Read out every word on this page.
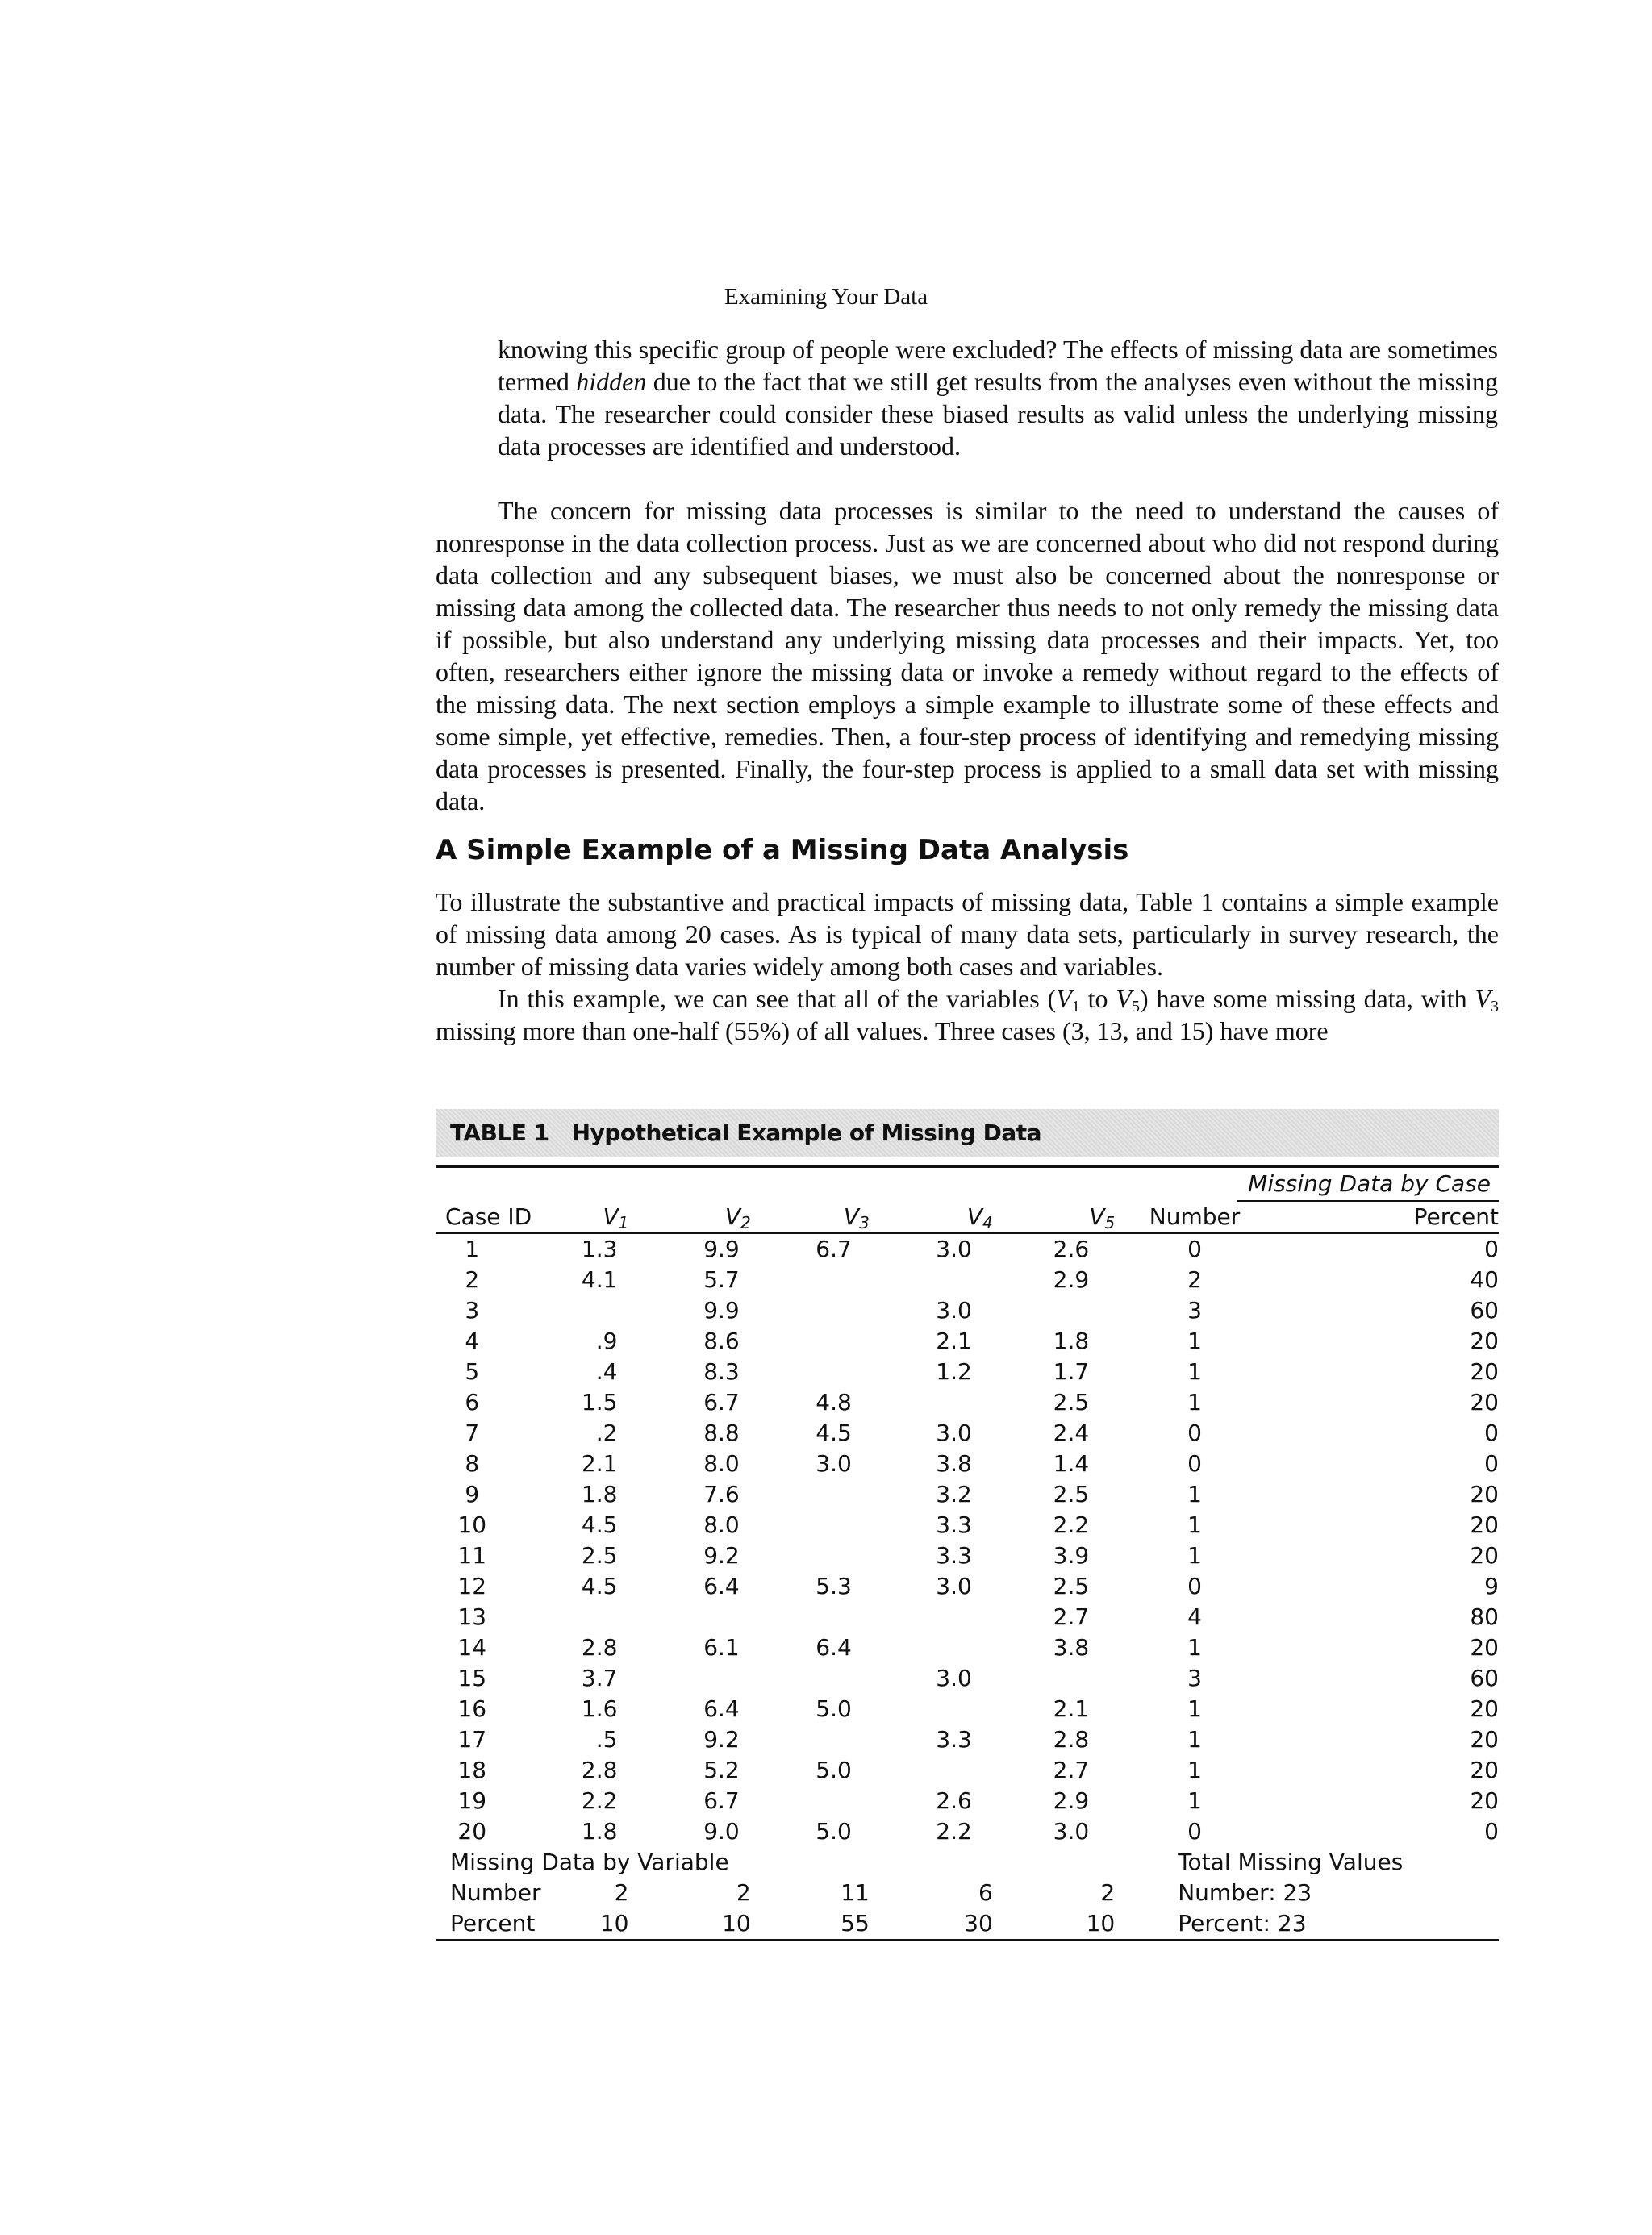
Examining Your Data

knowing this specific group of people were excluded? The effects of missing data are sometimes termed hidden due to the fact that we still get results from the analyses even without the missing data. The researcher could consider these biased results as valid unless the underlying missing data processes are identified and understood.

The concern for missing data processes is similar to the need to understand the causes of nonresponse in the data collection process. Just as we are concerned about who did not respond during data collection and any subsequent biases, we must also be concerned about the nonresponse or missing data among the collected data. The researcher thus needs to not only remedy the missing data if possible, but also understand any underlying missing data processes and their impacts. Yet, too often, researchers either ignore the missing data or invoke a remedy without regard to the effects of the missing data. The next section employs a simple example to illustrate some of these effects and some simple, yet effective, remedies. Then, a four-step process of identifying and remedying missing data processes is presented. Finally, the four-step process is applied to a small data set with missing data.

A Simple Example of a Missing Data Analysis

To illustrate the substantive and practical impacts of missing data, Table 1 contains a simple example of missing data among 20 cases. As is typical of many data sets, particularly in survey research, the number of missing data varies widely among both cases and variables.

In this example, we can see that all of the variables ($V_1$ to $V_5$) have some missing data, with $V_3$ missing more than one-half (55%) of all values. Three cases (3, 13, and 15) have more

TABLE 1 Hypothetical Example of Missing Data
						Missing Data by Case	
Case ID	$V_1$	$V_2$	$V_3$	$V_4$	$V_5$	Number	Percent
1	1.3	9.9	6.7	3.0	2.6	0	0
2	4.1	5.7			2.9	2	40
3		9.9		3.0		3	60
4	.9	8.6		2.1	1.8	1	20
5	.4	8.3		1.2	1.7	1	20
6	1.5	6.7	4.8		2.5	1	20
7	.2	8.8	4.5	3.0	2.4	0	0
8	2.1	8.0	3.0	3.8	1.4	0	0
9	1.8	7.6		3.2	2.5	1	20
10	4.5	8.0		3.3	2.2	1	20
11	2.5	9.2		3.3	3.9	1	20
12	4.5	6.4	5.3	3.0	2.5	0	9
13					2.7	4	80
14	2.8	6.1	6.4		3.8	1	20
15	3.7			3.0		3	60
16	1.6	6.4	5.0		2.1	1	20
17	.5	9.2		3.3	2.8	1	20
18	2.8	5.2	5.0		2.7	1	20
19	2.2	6.7		2.6	2.9	1	20
20	1.8	9.0	5.0	2.2	3.0	0	0
Missing Data by Variable						Total Missing Values	
Number	2	2	11	6	2	Number: 23	
Percent	10	10	55	30	10	Percent: 23	
